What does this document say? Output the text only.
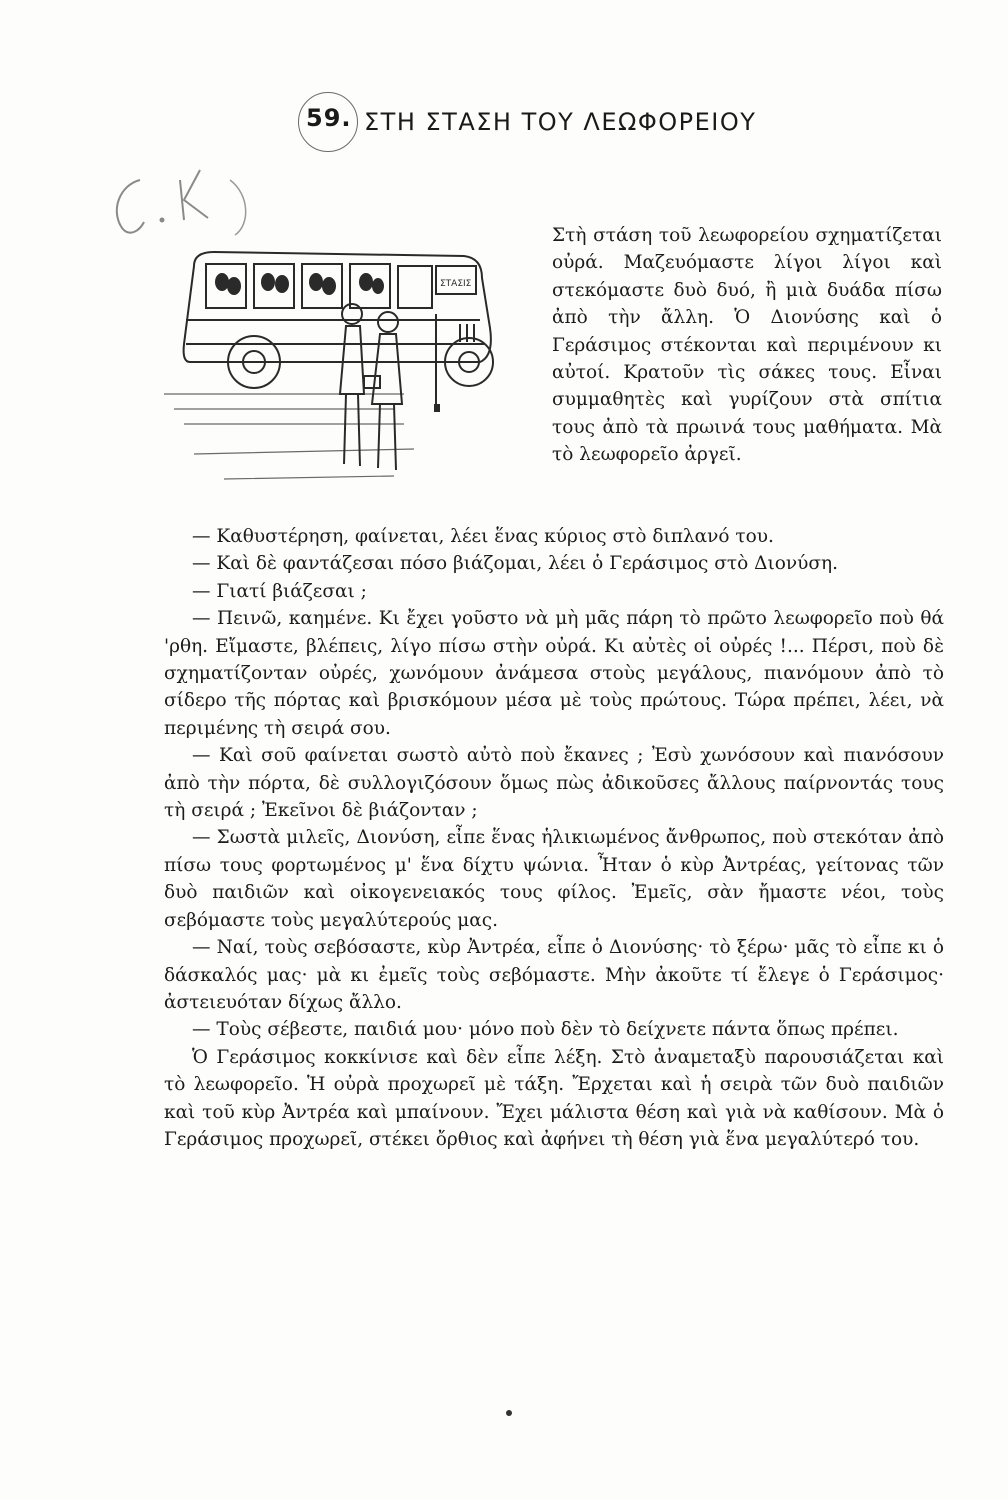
59. ΣΤΗ ΣΤΑΣΗ ΤΟΥ ΛΕΩΦΟΡΕΙΟΥ
ΣΤΑΣΙΣ

Στὴ στάση τοῦ λεωφορείου σχηματίζεται οὐρά. Μαζευόμαστε λίγοι λίγοι καὶ στεκόμαστε δυὸ δυό, ἢ μιὰ δυάδα πίσω ἀπὸ τὴν ἄλλη. Ὁ Διονύσης καὶ ὁ Γεράσιμος στέκονται καὶ περιμένουν κι αὐτοί. Κρατοῦν τὶς σάκες τους. Εἶναι συμμαθητὲς καὶ γυρίζουν στὰ σπίτια τους ἀπὸ τὰ πρωινά τους μαθήματα. Μὰ τὸ λεωφορεῖο ἀργεῖ.

— Καθυστέρηση, φαίνεται, λέει ἕνας κύριος στὸ διπλανό του.

— Καὶ δὲ φαντάζεσαι πόσο βιάζομαι, λέει ὁ Γεράσιμος στὸ Διονύση.

— Γιατί βιάζεσαι ;

— Πεινῶ, καημένε. Κι ἔχει γοῦστο νὰ μὴ μᾶς πάρη τὸ πρῶτο λεωφορεῖο ποὺ θά 'ρθη. Εἴμαστε, βλέπεις, λίγο πίσω στὴν οὐρά. Κι αὐτὲς οἱ οὐρές !... Πέρσι, ποὺ δὲ σχηματίζονταν οὐρές, χωνόμουν ἀνάμεσα στοὺς μεγάλους, πιανόμουν ἀπὸ τὸ σίδερο τῆς πόρτας καὶ βρισκόμουν μέσα μὲ τοὺς πρώτους. Τώρα πρέπει, λέει, νὰ περιμένης τὴ σειρά σου.

— Καὶ σοῦ φαίνεται σωστὸ αὐτὸ ποὺ ἔκανες ; Ἐσὺ χωνόσουν καὶ πιανόσουν ἀπὸ τὴν πόρτα, δὲ συλλογιζόσουν ὅμως πὼς ἀδικοῦσες ἄλλους παίρνοντάς τους τὴ σειρά ; Ἐκεῖνοι δὲ βιάζονταν ;

— Σωστὰ μιλεῖς, Διονύση, εἶπε ἕνας ἡλικιωμένος ἄνθρωπος, ποὺ στεκόταν ἀπὸ πίσω τους φορτωμένος μ' ἕνα δίχτυ ψώνια. Ἦταν ὁ κὺρ Ἀντρέας, γείτονας τῶν δυὸ παιδιῶν καὶ οἰκογενειακός τους φίλος. Ἐμεῖς, σὰν ἤμαστε νέοι, τοὺς σεβόμαστε τοὺς μεγαλύτερούς μας.

— Ναί, τοὺς σεβόσαστε, κὺρ Ἀντρέα, εἶπε ὁ Διονύσης· τὸ ξέρω· μᾶς τὸ εἶπε κι ὁ δάσκαλός μας· μὰ κι ἐμεῖς τοὺς σεβόμαστε. Μὴν ἀκοῦτε τί ἔλεγε ὁ Γεράσιμος· ἀστειευόταν δίχως ἄλλο.

— Τοὺς σέβεστε, παιδιά μου· μόνο ποὺ δὲν τὸ δείχνετε πάντα ὅπως πρέπει.

Ὁ Γεράσιμος κοκκίνισε καὶ δὲν εἶπε λέξη. Στὸ ἀναμεταξὺ παρουσιάζεται καὶ τὸ λεωφορεῖο. Ἡ οὐρὰ προχωρεῖ μὲ τάξη. Ἔρχεται καὶ ἡ σειρὰ τῶν δυὸ παιδιῶν καὶ τοῦ κὺρ Ἀντρέα καὶ μπαίνουν. Ἔχει μάλιστα θέση καὶ γιὰ νὰ καθίσουν. Μὰ ὁ Γεράσιμος προχωρεῖ, στέκει ὄρθιος καὶ ἀφήνει τὴ θέση γιὰ ἕνα μεγαλύτερό του.
